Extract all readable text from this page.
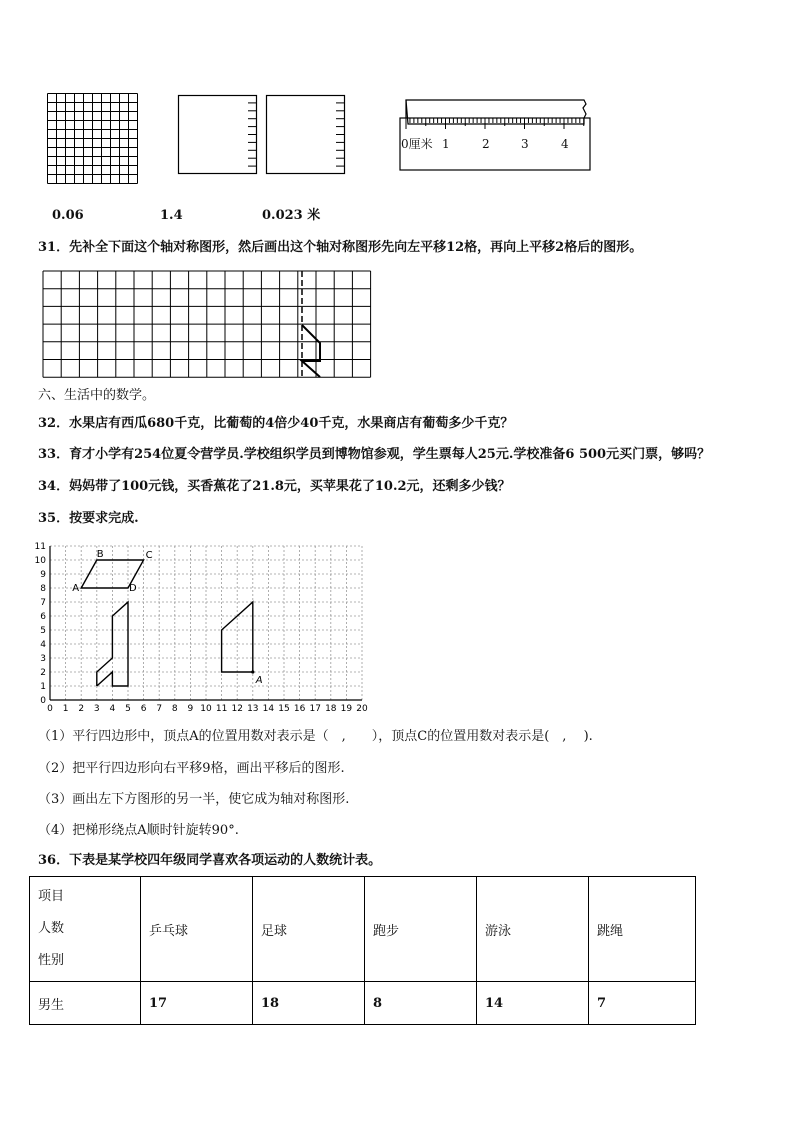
0厘米 1	2	3	4
0.06	1.4	0.023 米
31．先补全下面这个轴对称图形，然后画出这个轴对称图形先向左平移12格，再向上平移2格后的图形。
六、生活中的数学。
32．水果店有西瓜680千克，比葡萄的4倍少40千克，水果商店有葡萄多少千克？
33．育才小学有254位夏令营学员.学校组织学员到博物馆参观，学生票每人25元.学校准备6 500元买门票，够吗？
34．妈妈带了100元钱，买香蕉花了21.8元，买苹果花了10.2元，还剩多少钱？
35．按要求完成.
0 1 2 3 4 5 6 7 8 9 10 11 12 13 14 15 16 17 18 19 20
0
1
2
3
4
5
6
7
8
9
10
11
A
B	C
D
A
（1）平行四边形中，顶点A的位置用数对表示是（　,　　），顶点C的位置用数对表示是(　,　 ).
（2）把平行四边形向右平移9格，画出平移后的图形.
（3）画出左下方图形的另一半，使它成为轴对称图形.
（4）把梯形绕点A顺时针旋转90°.
36．下表是某学校四年级同学喜欢各项运动的人数统计表。
项目
人数
性别	乒乓球	足球	跑步	游泳	跳绳
男生	17	18	8	14	7
